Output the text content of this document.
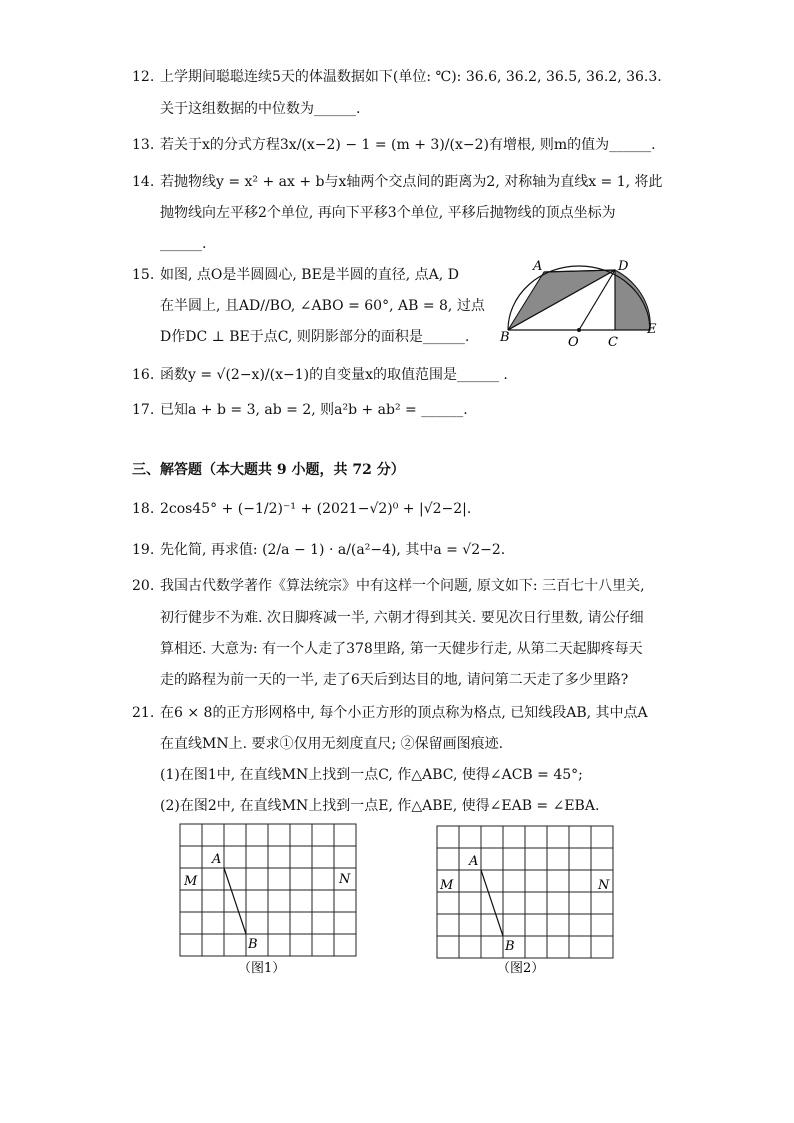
12. 上学期间聪聪连续5天的体温数据如下(单位: ℃): 36.6, 36.2, 36.5, 36.2, 36.3.
关于这组数据的中位数为______.
13. 若关于x的分式方程3x/(x−2) − 1 = (m + 3)/(x−2)有增根, 则m的值为______.
14. 若抛物线y = x² + ax + b与x轴两个交点间的距离为2, 对称轴为直线x = 1, 将此
抛物线向左平移2个单位, 再向下平移3个单位, 平移后抛物线的顶点坐标为
______.
15. 如图, 点O是半圆圆心, BE是半圆的直径, 点A, D
在半圆上, 且AD//BO, ∠ABO = 60°, AB = 8, 过点
D作DC ⊥ BE于点C, 则阴影部分的面积是______.
A	D
B	O C
E
16. 函数y = √(2−x)/(x−1)的自变量x的取值范围是______ .
17. 已知a + b = 3, ab = 2, 则a²b + ab² = ______.
三、解答题（本大题共 9 小题，共 72 分）
18. 2cos45° + (−1/2)⁻¹ + (2021−√2)⁰ + |√2−2|.
19. 先化简, 再求值: (2/a − 1) · a/(a²−4), 其中a = √2−2.
20. 我国古代数学著作《算法统宗》中有这样一个问题, 原文如下: 三百七十八里关,
初行健步不为难. 次日脚疼减一半, 六朝才得到其关. 要见次日行里数, 请公仔细
算相还. 大意为: 有一个人走了378里路, 第一天健步行走, 从第二天起脚疼每天
走的路程为前一天的一半, 走了6天后到达目的地, 请问第二天走了多少里路?
21. 在6 × 8的正方形网格中, 每个小正方形的顶点称为格点, 已知线段AB, 其中点A
在直线MN上. 要求①仅用无刻度直尺; ②保留画图痕迹.
(1)在图1中, 在直线MN上找到一点C, 作△ABC, 使得∠ACB = 45°;
(2)在图2中, 在直线MN上找到一点E, 作△ABE, 使得∠EAB = ∠EBA.
A
B
M	N
（图1）
A
B
M	N
（图2）
